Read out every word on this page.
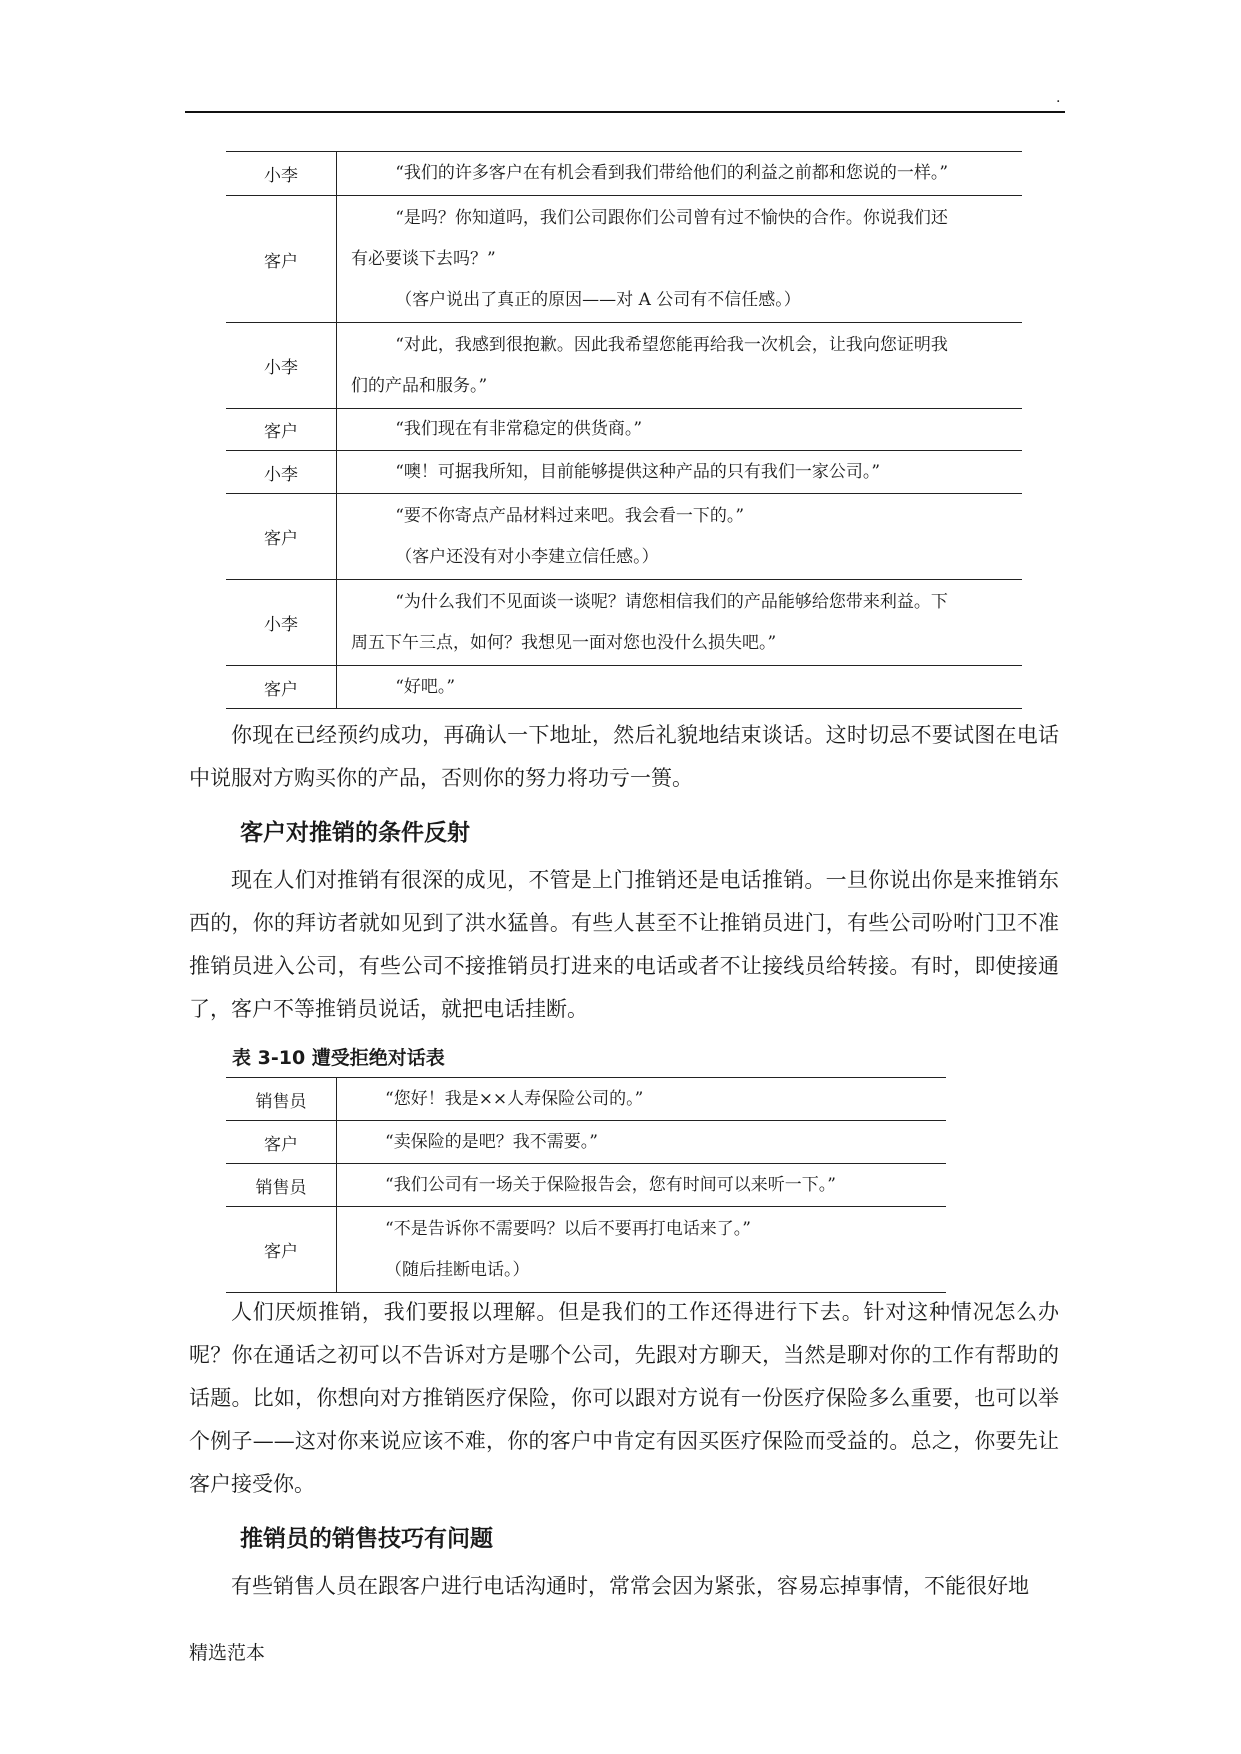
.
小李	“我们的许多客户在有机会看到我们带给他们的利益之前都和您说的一样。”

客户	“是吗？你知道吗，我们公司跟你们公司曾有过不愉快的合作。你说我们还
有必要谈下去吗？”
（客户说出了真正的原因——对 A 公司有不信任感。）

小李	“对此，我感到很抱歉。因此我希望您能再给我一次机会，让我向您证明我
们的产品和服务。”

客户	“我们现在有非常稳定的供货商。”

小李	“噢！可据我所知，目前能够提供这种产品的只有我们一家公司。”

客户	“要不你寄点产品材料过来吧。我会看一下的。”
（客户还没有对小李建立信任感。）

小李	“为什么我们不见面谈一谈呢？请您相信我们的产品能够给您带来利益。下
周五下午三点，如何？我想见一面对您也没什么损失吧。”

客户	“好吧。”

你现在已经预约成功，再确认一下地址，然后礼貌地结束谈话。这时切忌不要试图在电话中说服对方购买你的产品，否则你的努力将功亏一篑。

客户对推销的条件反射

现在人们对推销有很深的成见，不管是上门推销还是电话推销。一旦你说出你是来推销东西的，你的拜访者就如见到了洪水猛兽。有些人甚至不让推销员进门，有些公司吩咐门卫不准推销员进入公司，有些公司不接推销员打进来的电话或者不让接线员给转接。有时，即使接通了，客户不等推销员说话，就把电话挂断。

表 3-10 遭受拒绝对话表

销售员	“您好！我是××人寿保险公司的。”

客户	“卖保险的是吧？我不需要。”

销售员	“我们公司有一场关于保险报告会，您有时间可以来听一下。”

客户	“不是告诉你不需要吗？以后不要再打电话来了。”
（随后挂断电话。）

人们厌烦推销，我们要报以理解。但是我们的工作还得进行下去。针对这种情况怎么办呢？你在通话之初可以不告诉对方是哪个公司，先跟对方聊天，当然是聊对你的工作有帮助的话题。比如，你想向对方推销医疗保险，你可以跟对方说有一份医疗保险多么重要，也可以举个例子——这对你来说应该不难，你的客户中肯定有因买医疗保险而受益的。总之，你要先让客户接受你。

推销员的销售技巧有问题

有些销售人员在跟客户进行电话沟通时，常常会因为紧张，容易忘掉事情，不能很好地

精选范本
